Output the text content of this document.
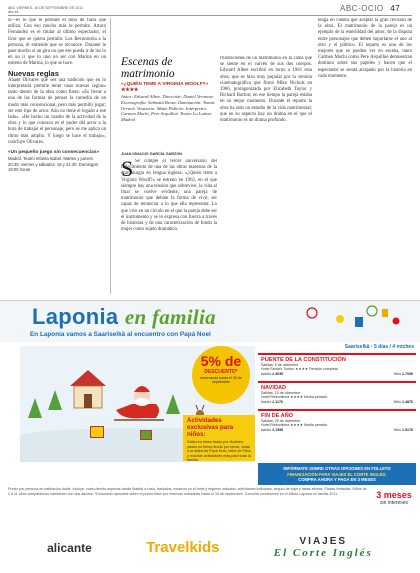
ABC VIERNES, 16 DE SEPTIEMBRE DE 2011
abc.es	ABC-OCIO 47

si—es lo que le permite el tono de farsa que utiliza. Con eso mucho más le permite. Arturo Fernández es el titular al último espectador, el licor que se quiera permitir. Los Reconócela a la persona, él entiende que se reconoce. Durante le pase mucho si un gira un que ese pueda ir de los lo en un ir que lo uno un ser con Marina en un estreno de Marina, lo que se hace.

Nuevas reglas

Añade Olivares que «es una tradición que en lo interpretaría permite tener unas nuevas reglas» tanto dentro de la obra como fuera: «Es llevar a una de las formas de pensar la comedia de un modo más convencional, pero más permitir jugar; ser este tipo de actor. Aún no tiene el legado a ese lado». «He hecho un cuadro de la actividad de la obra y lo que conozco es el poder del actor a la hora de trabajar el personaje, pero se me aplica un ritmo más amplio. Y luego se hace el trabajo», concluye Olivares.

«Un pequeño juego sin consecuencias»
Madrid. Teatro Infanta Isabel. Martes y jueves: 20:30; viernes y sábados: 19 y 21:30. Domingos: 19:00 horas
Escenas de
matrimonio
«¿QUIÉN TEME A VIRGINIA WOOLF?» ★★★★
Autor: Edward Albee. Dirección: Daniel Veronese. Escenografía: Sebastià Brosa. Iluminación: Tomás Orrach. Vestuario: Maite Palleiro. Intérpretes: Carmen Machi, Pere Arquillué. Teatro La Latina. Madrid
JUAN IGNACIO GARCÍA GARZÓN
S Se cumple el tercer aniversario del fallecimiento de una de las obras maestras de la dramaturgia en lengua inglesa. «¿Quién teme a Virginia Woolf?» se estrenó en 1962, en el que siempre hay una tensión que sobrevive, la vida al final se vuelve evidente, una pareja de matrimonio que debate la forma de vivir, ser capaz de renunciar a lo que ella representa. Lo que vive en un círculo en el que la pareja debe ser el instrumento y se lo expresa con fuerza a través de historias y de una caracterización de fondo la mujer como sujeto dramático.
frustraciones de un matrimonio en la cama que se siente en el vaivén de sus dos cuerpos. Edward Albee escribió en torno a 1961 esta obra, que se hizo muy popular por la versión cinematográfica que firmó Mike Nichols en 1966, protagonizada por Elizabeth Taylor y Richard Burton; en ese tiempo la pareja estaba en su mejor momento. Durante el reparto la obra ha sido un estudio de la vida matrimonial; que en su aspecto hay un drama en el que el matrimonio es un drama profundo.
tenga en cuenta que aceptar la gran revisión de la obra. El matrimonio de la pareja es un ejemplo de la esterilidad del amor, de la disputa entre personajes que deben soportarse el uno al otro y el público. El reparto es uno de los mejores que se pueden ver en escena, tanto Carmen Machi como Pere Arquillué demuestran dominio sobre sus papeles y hacen que el espectador se sienta atrapado por la historia en cada momento.
Laponia en familia
En Laponia vamos a Saariselkä al encuentro con Papá Noel
5% de
DESCUENTO*
reservando hasta el 30 de septiembre
Actividades exclusivas para niños:
Safari en trineo tirado por Huskies, paseo en trineo tirado por renos, visita a la aldea de Papá Noel, taller de Elfos y muchas actividades más para toda la familia.
Saariselkä · 5 días / 4 noches
PUENTE DE LA CONSTITUCIÓN
Salidas: 5 de diciembre
Hotel Santa's Tunturi ★★★★ Pensión completa
Adulto 2.303€	Niño 1.793€
NAVIDAD
Salidas: 23 de diciembre
Hotel Riekonlinna ★★★★ Media pensión
Adulto 2.117€	Niño 1.487€
FIN DE AÑO
Salidas: 29 de diciembre
Hotel Riekonlinna ★★★★ Media pensión
Adulto 2.159€	Niño 1.517€
INFÓRMATE SOBRE OTRAS OPCIONES EN FOLLETO
FINANCIACIÓN PARA VIAJES EL CORTE INGLÉS:
COMPRA AHORA Y PAGA EN 3 MESES
Precio por persona en habitación doble. Incluye: vuelo directo especial desde Madrid a Ivalo, traslados, estancia en el hotel y régimen indicado, actividades indicadas, seguro de viaje y tasas aéreas. Plazas limitadas. Niños de 2 a 11 años compartiendo habitación con dos adultos. *Descuento aplicable sobre el precio base por reservas realizadas hasta el 30 de septiembre. Consulta condiciones en el folleto Laponia en familia 2011.	3 meses
sin intereses
alicante	Travelkids	VIAJES
El Corte Inglés
